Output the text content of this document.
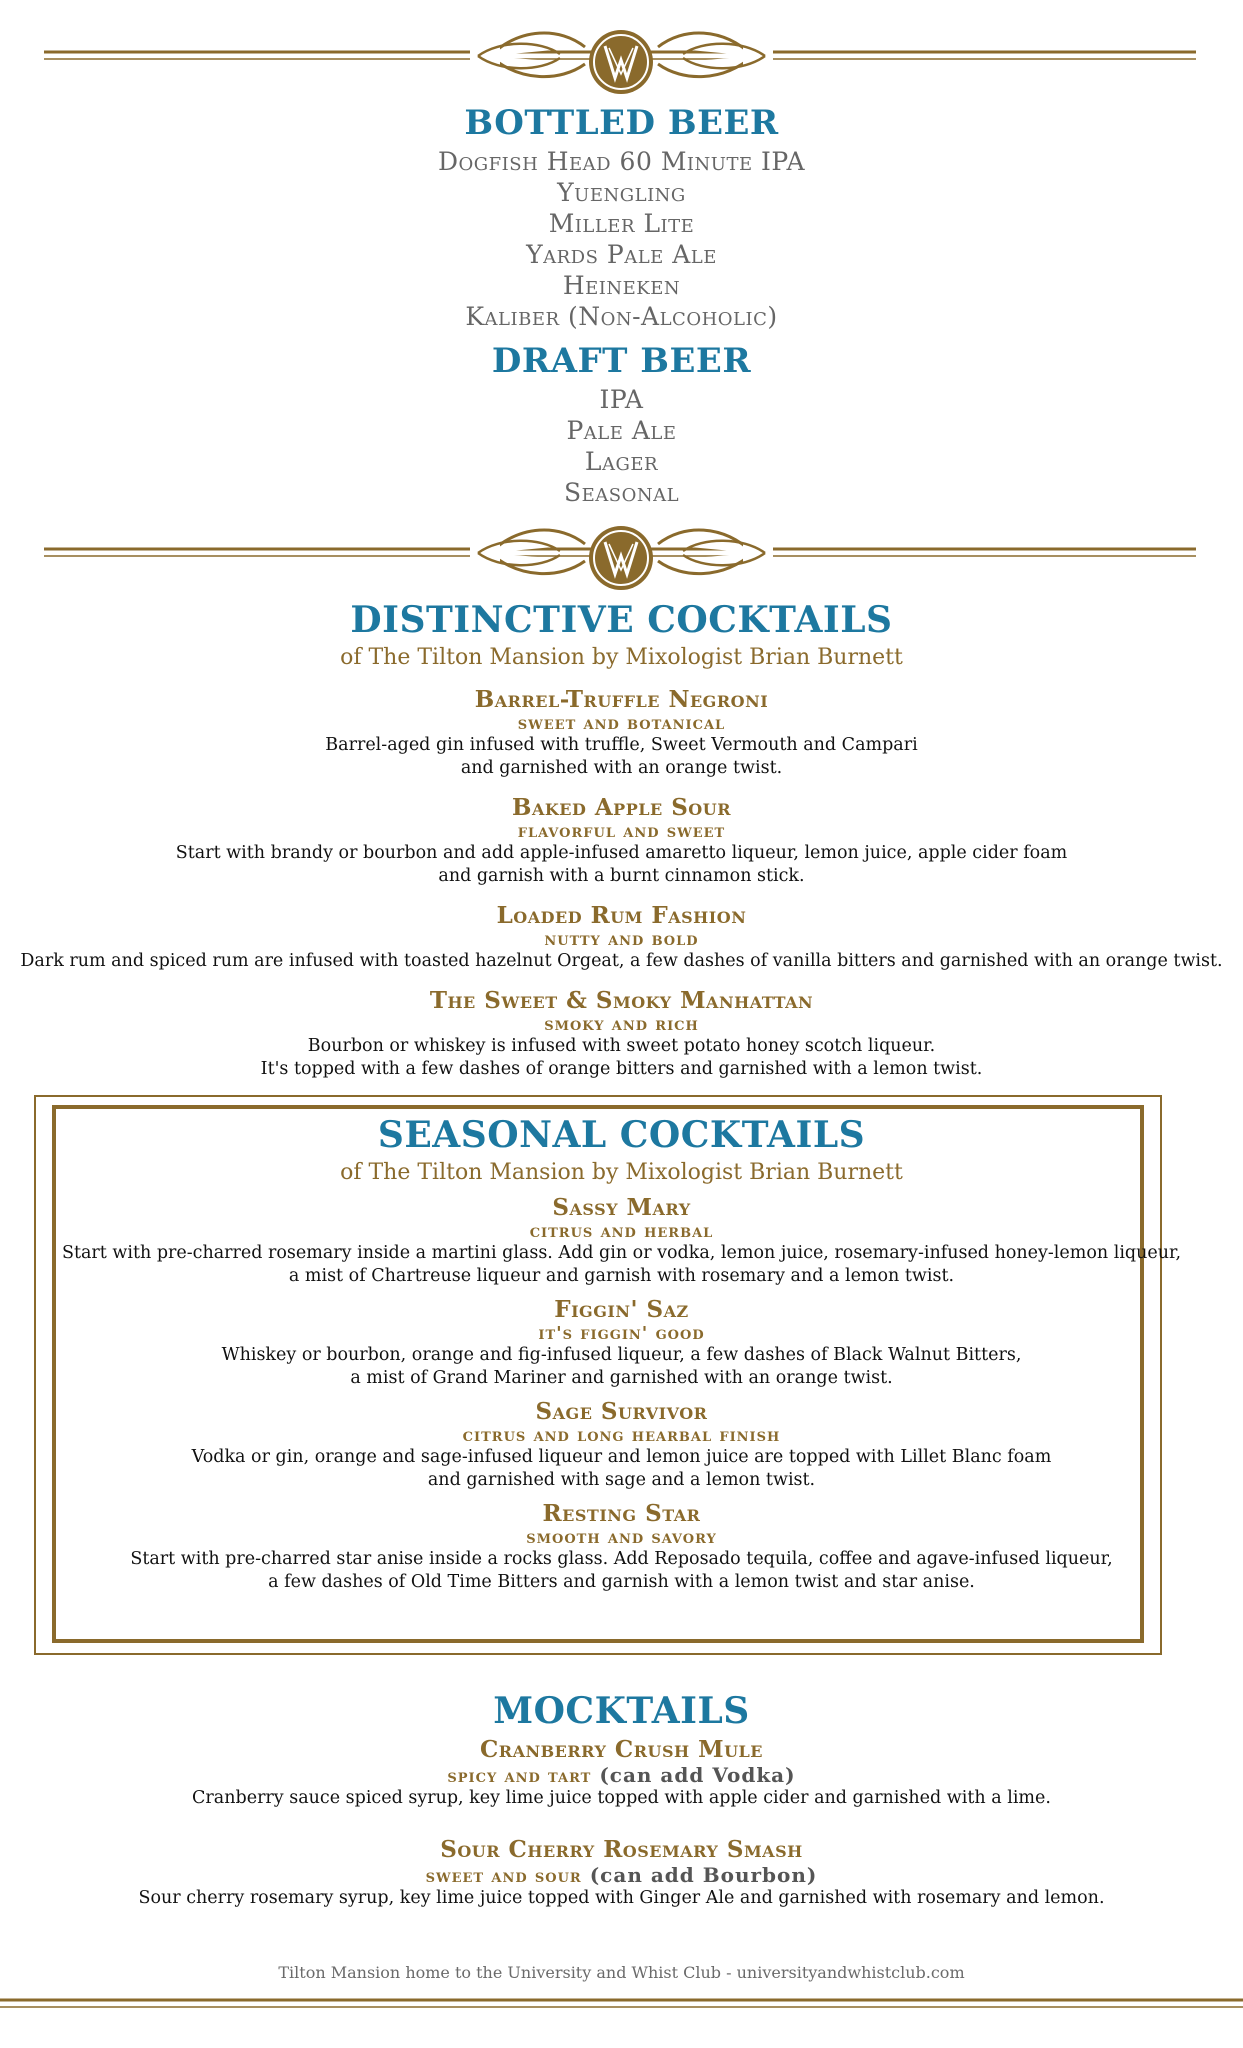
BOTTLED BEER
Dogfish Head 60 Minute IPA
Yuengling
Miller Lite
Yards Pale Ale
Heineken
Kaliber (Non-Alcoholic)
DRAFT BEER
IPA
Pale Ale
Lager
Seasonal
DISTINCTIVE COCKTAILS
of The Tilton Mansion by Mixologist Brian Burnett
Barrel-Truffle Negroni
sweet and botanical
Barrel-aged gin infused with truffle, Sweet Vermouth and Campari
and garnished with an orange twist.
Baked Apple Sour
flavorful and sweet
Start with brandy or bourbon and add apple-infused amaretto liqueur, lemon juice, apple cider foam
and garnish with a burnt cinnamon stick.
Loaded Rum Fashion
nutty and bold
Dark rum and spiced rum are infused with toasted hazelnut Orgeat, a few dashes of vanilla bitters and garnished with an orange twist.
The Sweet & Smoky Manhattan
smoky and rich
Bourbon or whiskey is infused with sweet potato honey scotch liqueur.
It's topped with a few dashes of orange bitters and garnished with a lemon twist.
SEASONAL COCKTAILS
of The Tilton Mansion by Mixologist Brian Burnett
Sassy Mary
citrus and herbal
Start with pre-charred rosemary inside a martini glass. Add gin or vodka, lemon juice, rosemary-infused honey-lemon liqueur,
a mist of Chartreuse liqueur and garnish with rosemary and a lemon twist.
Figgin' Saz
it's figgin' good
Whiskey or bourbon, orange and fig-infused liqueur, a few dashes of Black Walnut Bitters,
a mist of Grand Mariner and garnished with an orange twist.
Sage Survivor
citrus and long hearbal finish
Vodka or gin, orange and sage-infused liqueur and lemon juice are topped with Lillet Blanc foam
and garnished with sage and a lemon twist.
Resting Star
smooth and savory
Start with pre-charred star anise inside a rocks glass. Add Reposado tequila, coffee and agave-infused liqueur,
a few dashes of Old Time Bitters and garnish with a lemon twist and star anise.
MOCKTAILS
Cranberry Crush Mule
spicy and tart (can add Vodka)
Cranberry sauce spiced syrup, key lime juice topped with apple cider and garnished with a lime.
Sour Cherry Rosemary Smash
sweet and sour (can add Bourbon)
Sour cherry rosemary syrup, key lime juice topped with Ginger Ale and garnished with rosemary and lemon.
Tilton Mansion home to the University and Whist Club - universityandwhistclub.com
